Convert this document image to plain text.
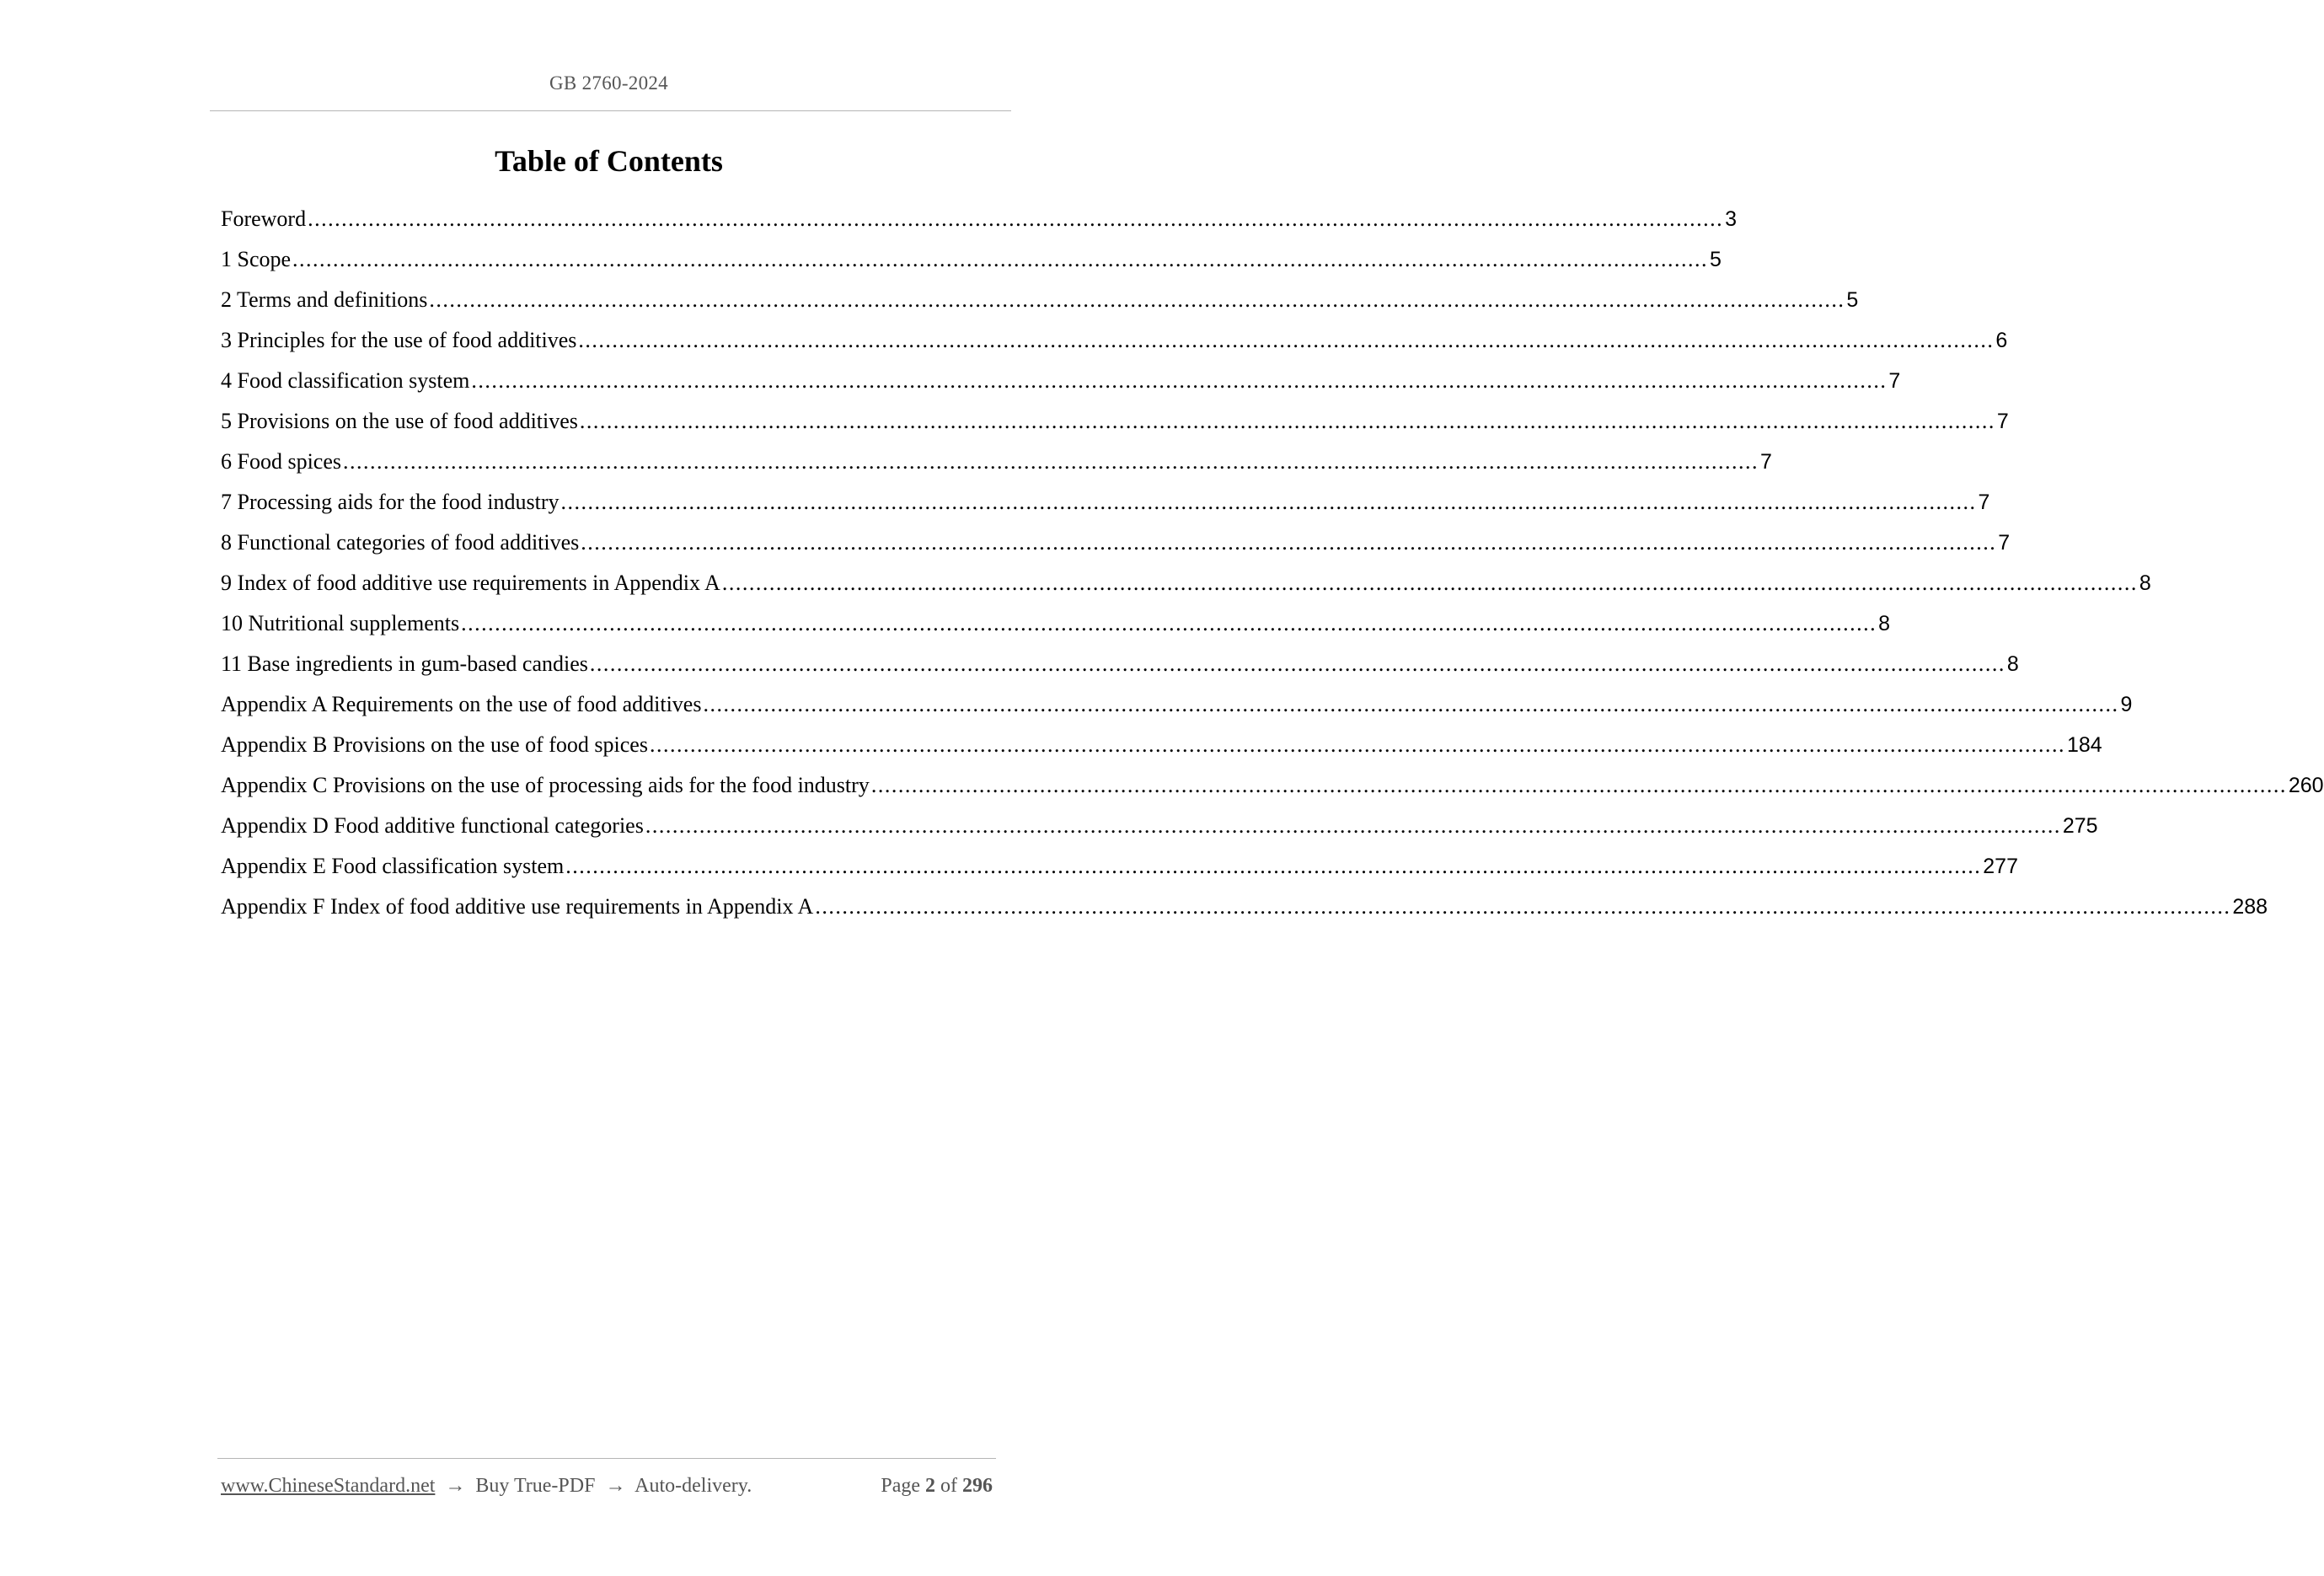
GB 2760-2024
Table of Contents
Foreword .................................................................................................................................................................................................................. 3
1 Scope .................................................................................................................................................................................................................. 5
2 Terms and definitions .................................................................................................................................................................................................................. 5
3 Principles for the use of food additives .................................................................................................................................................................................................................. 6
4 Food classification system .................................................................................................................................................................................................................. 7
5 Provisions on the use of food additives .................................................................................................................................................................................................................. 7
6 Food spices .................................................................................................................................................................................................................. 7
7 Processing aids for the food industry .................................................................................................................................................................................................................. 7
8 Functional categories of food additives .................................................................................................................................................................................................................. 7
9 Index of food additive use requirements in Appendix A .................................................................................................................................................................................................................. 8
10 Nutritional supplements .................................................................................................................................................................................................................. 8
11 Base ingredients in gum-based candies .................................................................................................................................................................................................................. 8
Appendix A Requirements on the use of food additives .................................................................................................................................................................................................................. 9
Appendix B Provisions on the use of food spices .................................................................................................................................................................................................................. 184
Appendix C Provisions on the use of processing aids for the food industry .................................................................................................................................................................................................................. 260
Appendix D Food additive functional categories .................................................................................................................................................................................................................. 275
Appendix E Food classification system .................................................................................................................................................................................................................. 277
Appendix F Index of food additive use requirements in Appendix A .................................................................................................................................................................................................................. 288
www.ChineseStandard.net → Buy True-PDF → Auto-delivery.	Page 2 of 296
